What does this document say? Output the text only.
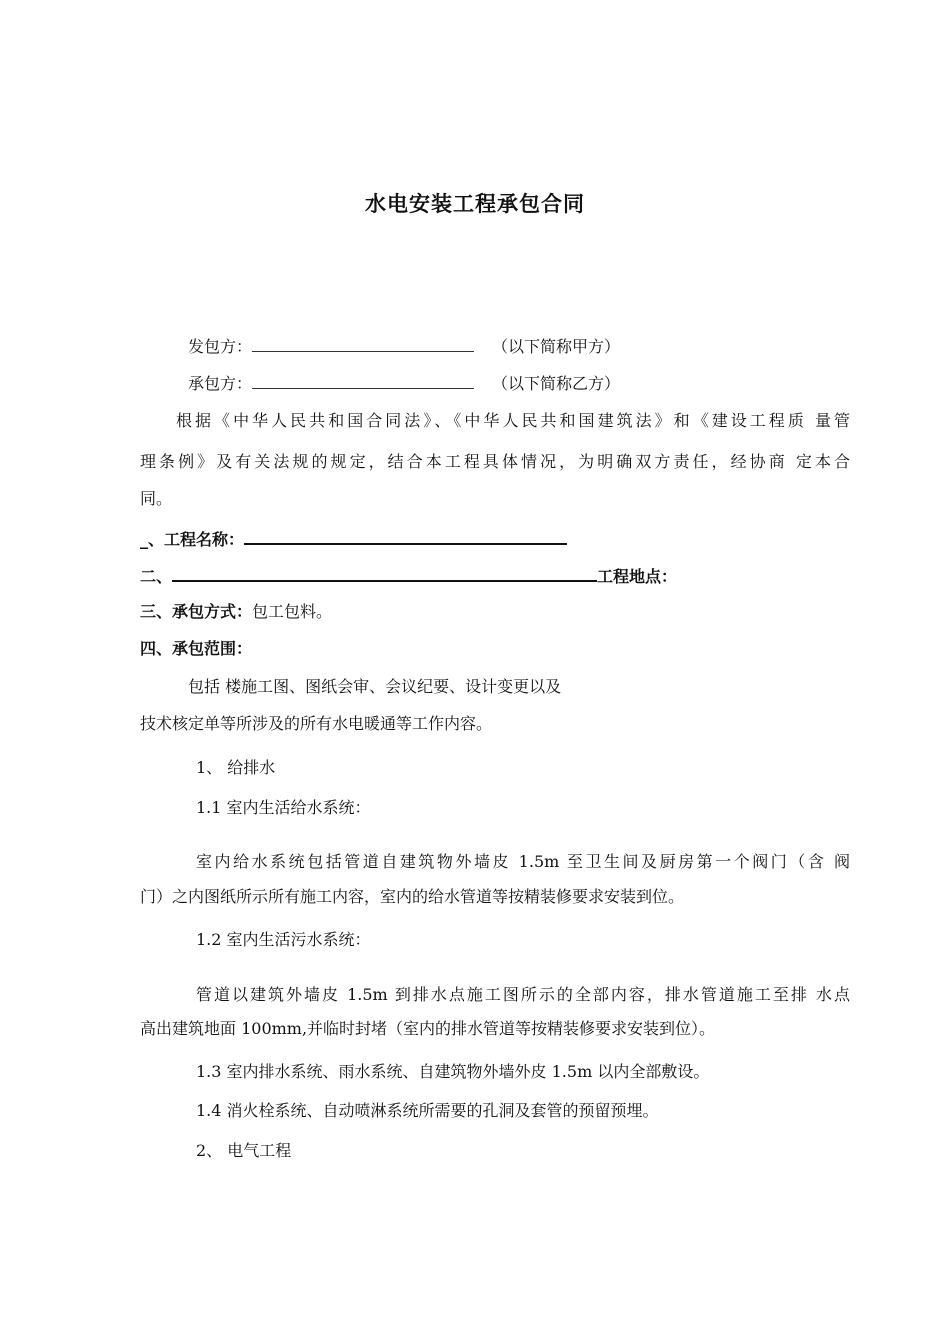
水电安装工程承包合同
发包方：	（以下简称甲方）
承包方：	（以下简称乙方）
根据《中华人民共和国合同法》、《中华人民共和国建筑法》和《建设工程质 量管
理条例》及有关法规的规定，结合本工程具体情况，为明确双方责任，经协商 定本合
同。
_、工程名称：
二、	工程地点：
三、承包方式：包工包料。
四、承包范围：
包括 楼施工图、图纸会审、会议纪要、设计变更以及
技术核定单等所涉及的所有水电暖通等工作内容。
1、 给排水
1.1 室内生活给水系统：
室内给水系统包括管道自建筑物外墙皮 1.5m 至卫生间及厨房第一个阀门（含 阀
门）之内图纸所示所有施工内容，室内的给水管道等按精装修要求安装到位。
1.2 室内生活污水系统：
管道以建筑外墙皮 1.5m 到排水点施工图所示的全部内容，排水管道施工至排 水点
高出建筑地面 100mm,并临时封堵（室内的排水管道等按精装修要求安装到位）。
1.3 室内排水系统、雨水系统、自建筑物外墙外皮 1.5m 以内全部敷设。
1.4 消火栓系统、自动喷淋系统所需要的孔洞及套管的预留预埋。
2、 电气工程
